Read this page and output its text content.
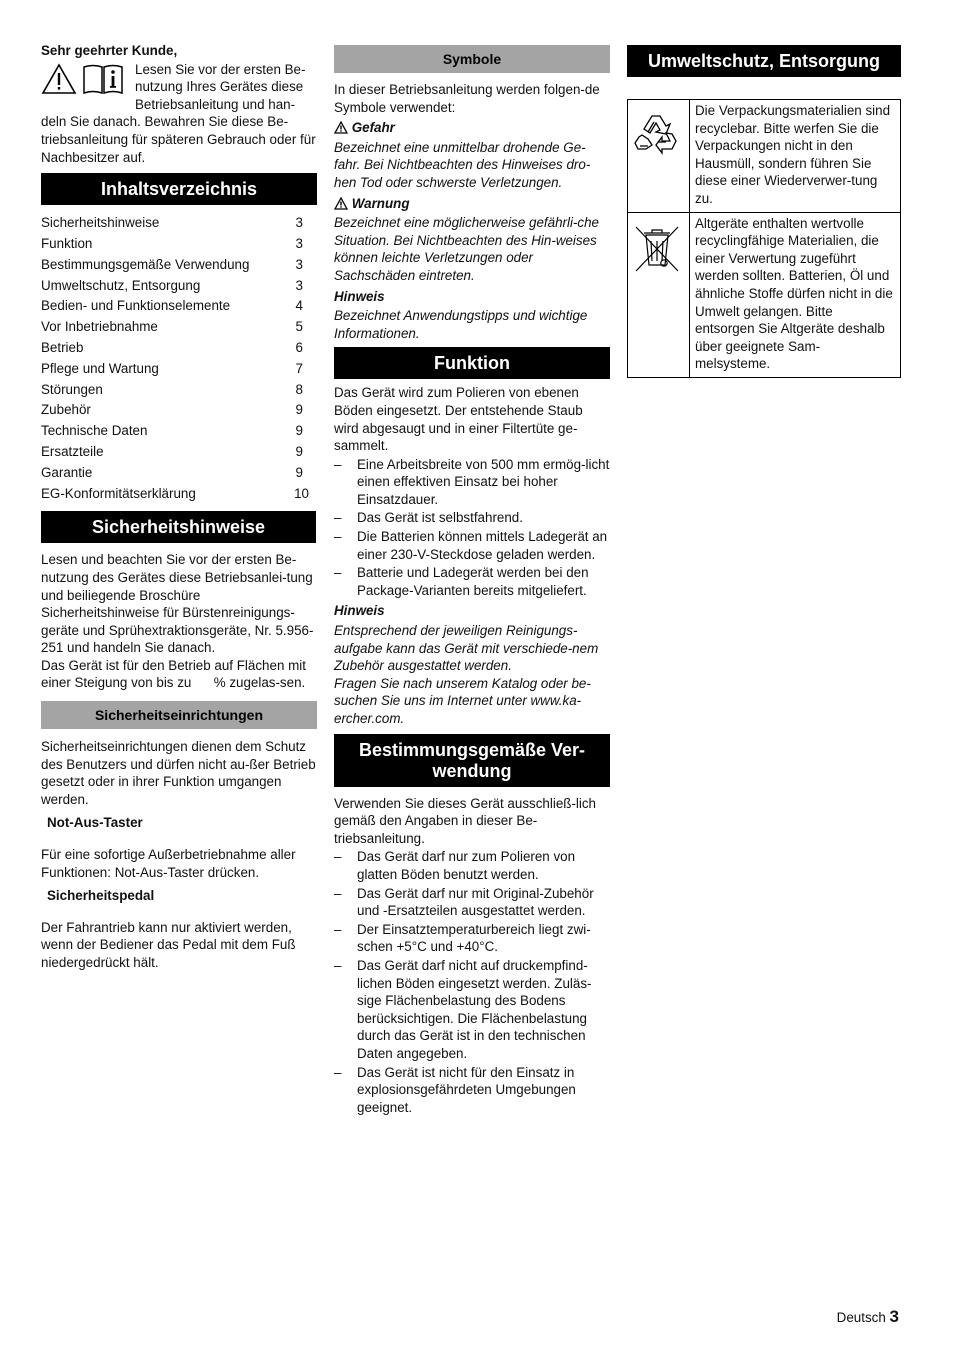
Sehr geehrter Kunde,

Lesen Sie vor der ersten Be-

nutzung Ihres Gerätes diese

Betriebsanleitung und han-

deln Sie danach. Bewahren Sie diese Be-triebsanleitung für späteren Gebrauch oder für Nachbesitzer auf.

Inhaltsverzeichnis
Sicherheitshinweise	3
Funktion	3
Bestimmungsgemäße Verwendung	3
Umweltschutz, Entsorgung	3
Bedien- und Funktionselemente	4
Vor Inbetriebnahme	5
Betrieb	6
Pflege und Wartung	7
Störungen	8
Zubehör	9
Technische Daten	9
Ersatzteile	9
Garantie	9
EG-Konformitätserklärung	10
Sicherheitshinweise

Lesen und beachten Sie vor der ersten Be-nutzung des Gerätes diese Betriebsanlei-tung und beiliegende Broschüre Sicherheitshinweise für Bürstenreinigungs-geräte und Sprühextraktionsgeräte, Nr. 5.956-251 und handeln Sie danach.

Das Gerät ist für den Betrieb auf Flächen mit einer Steigung von bis zu      % zugelas-sen.

Sicherheitseinrichtungen

Sicherheitseinrichtungen dienen dem Schutz des Benutzers und dürfen nicht au-ßer Betrieb gesetzt oder in ihrer Funktion umgangen werden.

Not-Aus-Taster

Für eine sofortige Außerbetriebnahme aller Funktionen: Not-Aus-Taster drücken.

Sicherheitspedal

Der Fahrantrieb kann nur aktiviert werden, wenn der Bediener das Pedal mit dem Fuß niedergedrückt hält.

Symbole

In dieser Betriebsanleitung werden folgen-de Symbole verwendet:

Gefahr

Bezeichnet eine unmittelbar drohende Ge-fahr. Bei Nichtbeachten des Hinweises dro-hen Tod oder schwerste Verletzungen.

Warnung

Bezeichnet eine möglicherweise gefährli-che Situation. Bei Nichtbeachten des Hin-weises können leichte Verletzungen oder Sachschäden eintreten.

Hinweis

Bezeichnet Anwendungstipps und wichtige Informationen.

Funktion

Das Gerät wird zum Polieren von ebenen Böden eingesetzt. Der entstehende Staub wird abgesaugt und in einer Filtertüte ge-sammelt.

– Eine Arbeitsbreite von 500 mm ermög-licht einen effektiven Einsatz bei hoher Einsatzdauer.
– Das Gerät ist selbstfahrend.
– Die Batterien können mittels Ladegerät an einer 230-V-Steckdose geladen werden.
– Batterie und Ladegerät werden bei den Package-Varianten bereits mitgeliefert.

Hinweis

Entsprechend der jeweiligen Reinigungs-aufgabe kann das Gerät mit verschiede-nem Zubehör ausgestattet werden.

Fragen Sie nach unserem Katalog oder be-suchen Sie uns im Internet unter www.ka-ercher.com.

Bestimmungsgemäße Ver-wendung

Verwenden Sie dieses Gerät ausschließ-lich gemäß den Angaben in dieser Be-triebsanleitung.

– Das Gerät darf nur zum Polieren von glatten Böden benutzt werden.
– Das Gerät darf nur mit Original-Zubehör und -Ersatzteilen ausgestattet werden.
– Der Einsatztemperaturbereich liegt zwi-schen +5°C und +40°C.
– Das Gerät darf nicht auf druckempfind-lichen Böden eingesetzt werden. Zuläs-sige Flächenbelastung des Bodens berücksichtigen. Die Flächenbelastung durch das Gerät ist in den technischen Daten angegeben.
– Das Gerät ist nicht für den Einsatz in explosionsgefährdeten Umgebungen geeignet.
Umweltschutz, Entsorgung
	Die Verpackungsmaterialien sind recyclebar. Bitte werfen Sie die Verpackungen nicht in den Hausmüll, sondern führen Sie diese einer Wiederverwer-tung zu.
	Altgeräte enthalten wertvolle recyclingfähige Materialien, die einer Verwertung zugeführt werden sollten. Batterien, Öl und ähnliche Stoffe dürfen nicht in die Umwelt gelangen. Bitte entsorgen Sie Altgeräte deshalb über geeignete Sam-melsysteme.
Deutsch 3
